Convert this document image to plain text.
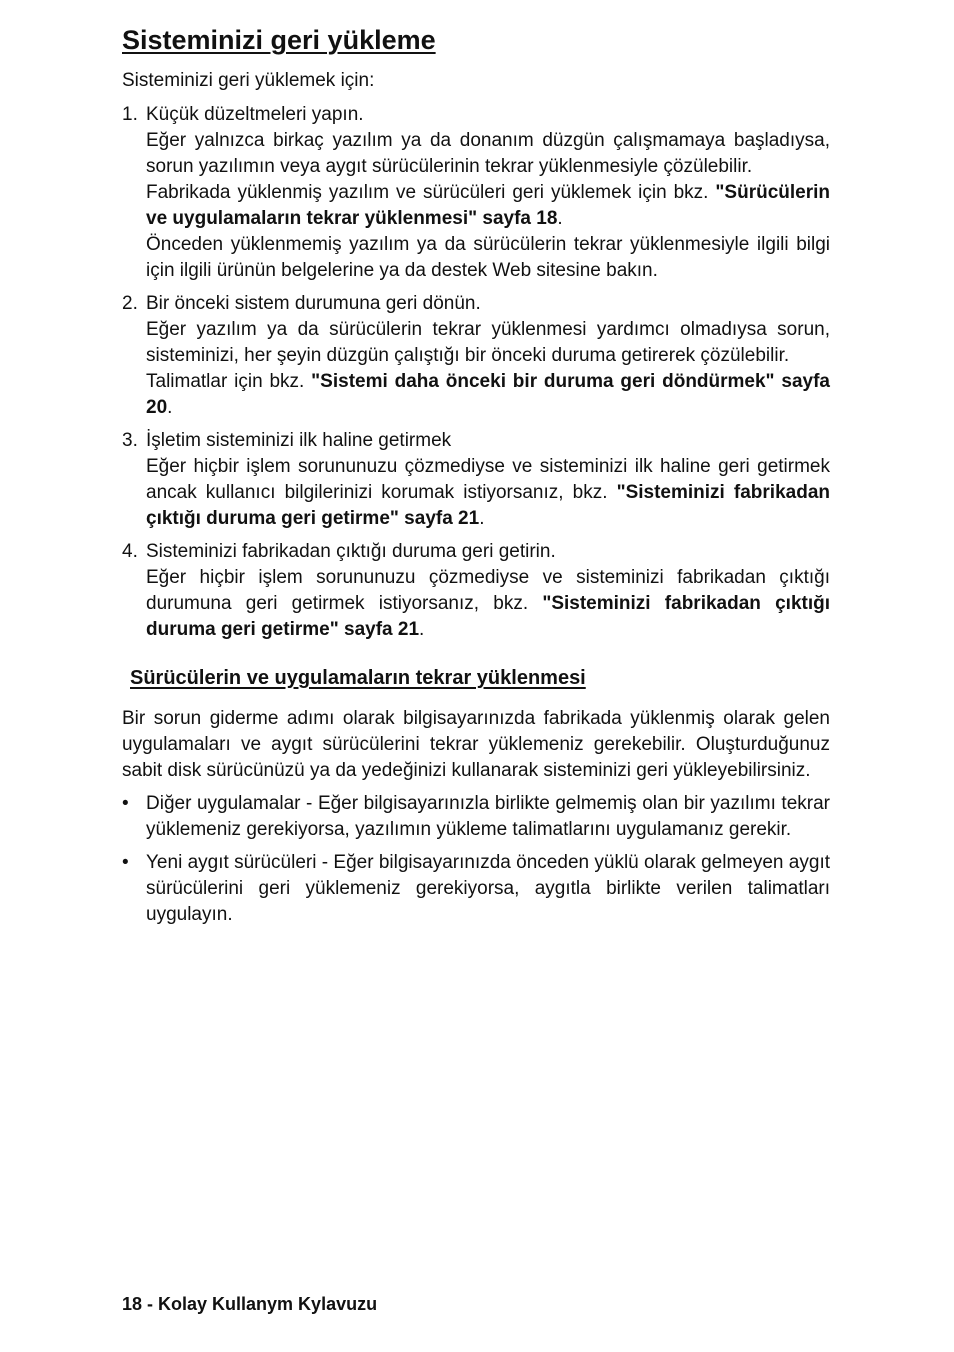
Sisteminizi geri yükleme
Sisteminizi geri yüklemek için:
1. Küçük düzeltmeleri yapın.

Eğer yalnızca birkaç yazılım ya da donanım düzgün çalışmamaya başladıysa, sorun yazılımın veya aygıt sürücülerinin tekrar yüklenmesiyle çözülebilir.

Fabrikada yüklenmiş yazılım ve sürücüleri geri yüklemek için bkz. "Sürücülerin ve uygulamaların tekrar yüklenmesi" sayfa 18.

Önceden yüklenmemiş yazılım ya da sürücülerin tekrar yüklenmesiyle ilgili bilgi için ilgili ürünün belgelerine ya da destek Web sitesine bakın.

2. Bir önceki sistem durumuna geri dönün.

Eğer yazılım ya da sürücülerin tekrar yüklenmesi yardımcı olmadıysa sorun, sisteminizi, her şeyin düzgün çalıştığı bir önceki duruma getirerek çözülebilir.

Talimatlar için bkz. "Sistemi daha önceki bir duruma geri döndürmek" sayfa 20.

3. İşletim sisteminizi ilk haline getirmek

Eğer hiçbir işlem sorununuzu çözmediyse ve sisteminizi ilk haline geri getirmek ancak kullanıcı bilgilerinizi korumak istiyorsanız, bkz. "Sisteminizi fabrikadan çıktığı duruma geri getirme" sayfa 21.

4. Sisteminizi fabrikadan çıktığı duruma geri getirin.

Eğer hiçbir işlem sorununuzu çözmediyse ve sisteminizi fabrikadan çıktığı durumuna geri getirmek istiyorsanız, bkz. "Sisteminizi fabrikadan çıktığı duruma geri getirme" sayfa 21.

Sürücülerin ve uygulamaların tekrar yüklenmesi
Bir sorun giderme adımı olarak bilgisayarınızda fabrikada yüklenmiş olarak gelen uygulamaları ve aygıt sürücülerini tekrar yüklemeniz gerekebilir. Oluşturduğunuz sabit disk sürücünüzü ya da yedeğinizi kullanarak sisteminizi geri yükleyebilirsiniz.
• Diğer uygulamalar - Eğer bilgisayarınızla birlikte gelmemiş olan bir yazılımı tekrar yüklemeniz gerekiyorsa, yazılımın yükleme talimatlarını uygulamanız gerekir.
• Yeni aygıt sürücüleri - Eğer bilgisayarınızda önceden yüklü olarak gelmeyen aygıt sürücülerini geri yüklemeniz gerekiyorsa, aygıtla birlikte verilen talimatları uygulayın.
18 - Kolay Kullanym Kylavuzu
